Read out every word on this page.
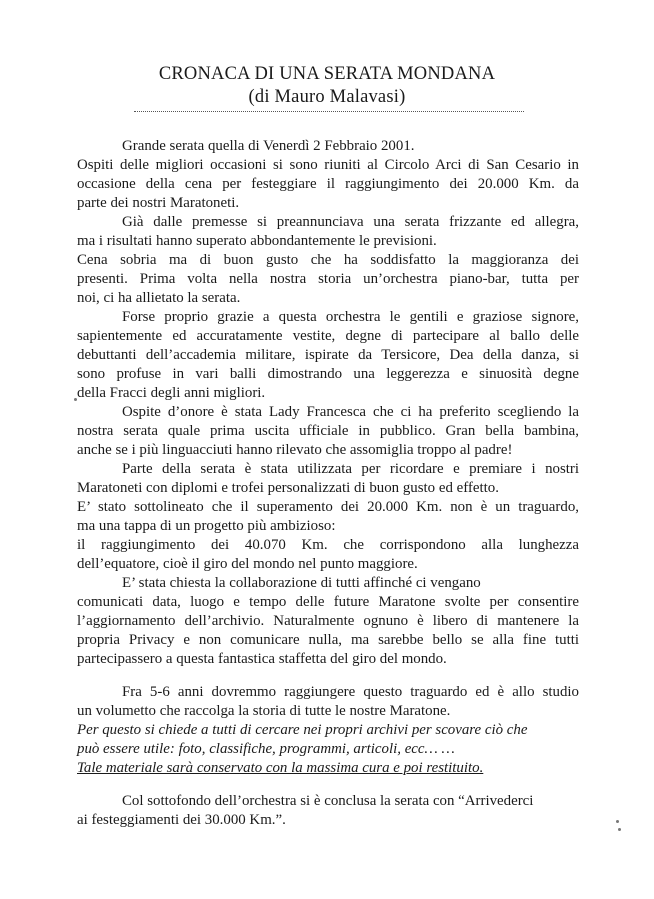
CRONACA DI UNA SERATA MONDANA
(di Mauro Malavasi)
Grande serata quella di Venerdì 2 Febbraio 2001.
Ospiti delle migliori occasioni si sono riuniti al Circolo Arci di San Cesario in
occasione della cena per festeggiare il raggiungimento dei 20.000 Km. da
parte dei nostri Maratoneti.
Già dalle premesse si preannunciava una serata frizzante ed allegra,
ma i risultati hanno superato abbondantemente le previsioni.
Cena sobria ma di buon gusto che ha soddisfatto la maggioranza dei
presenti. Prima volta nella nostra storia un’orchestra piano-bar, tutta per
noi, ci ha allietato la serata.
Forse proprio grazie a questa orchestra le gentili e graziose signore,
sapientemente ed accuratamente vestite, degne di partecipare al ballo delle
debuttanti dell’accademia militare, ispirate da Tersicore, Dea della danza, si
sono profuse in vari balli dimostrando una leggerezza e sinuosità degne
della Fracci degli anni migliori.
Ospite d’onore è stata Lady Francesca che ci ha preferito scegliendo la
nostra serata quale prima uscita ufficiale in pubblico. Gran bella bambina,
anche se i più linguacciuti hanno rilevato che assomiglia troppo al padre!
Parte della serata è stata utilizzata per ricordare e premiare i nostri
Maratoneti con diplomi e trofei personalizzati di buon gusto ed effetto.
E’ stato sottolineato che il superamento dei 20.000 Km. non è un traguardo,
ma una tappa di un progetto più ambizioso:
il raggiungimento dei 40.070 Km. che corrispondono alla lunghezza
dell’equatore, cioè il giro del mondo nel punto maggiore.
E’ stata chiesta la collaborazione di tutti affinché ci vengano
comunicati data, luogo e tempo delle future Maratone svolte per consentire
l’aggiornamento dell’archivio. Naturalmente ognuno è libero di mantenere la
propria Privacy e non comunicare nulla, ma sarebbe bello se alla fine tutti
partecipassero a questa fantastica staffetta del giro del mondo.
Fra 5-6 anni dovremmo raggiungere questo traguardo ed è allo studio
un volumetto che raccolga la storia di tutte le nostre Maratone.
Per questo si chiede a tutti di cercare nei propri archivi per scovare ciò che
può essere utile: foto, classifiche, programmi, articoli, ecc… …
Tale materiale sarà conservato con la massima cura e poi restituito.
Col sottofondo dell’orchestra si è conclusa la serata con “Arrivederci
ai festeggiamenti dei 30.000 Km.”.
